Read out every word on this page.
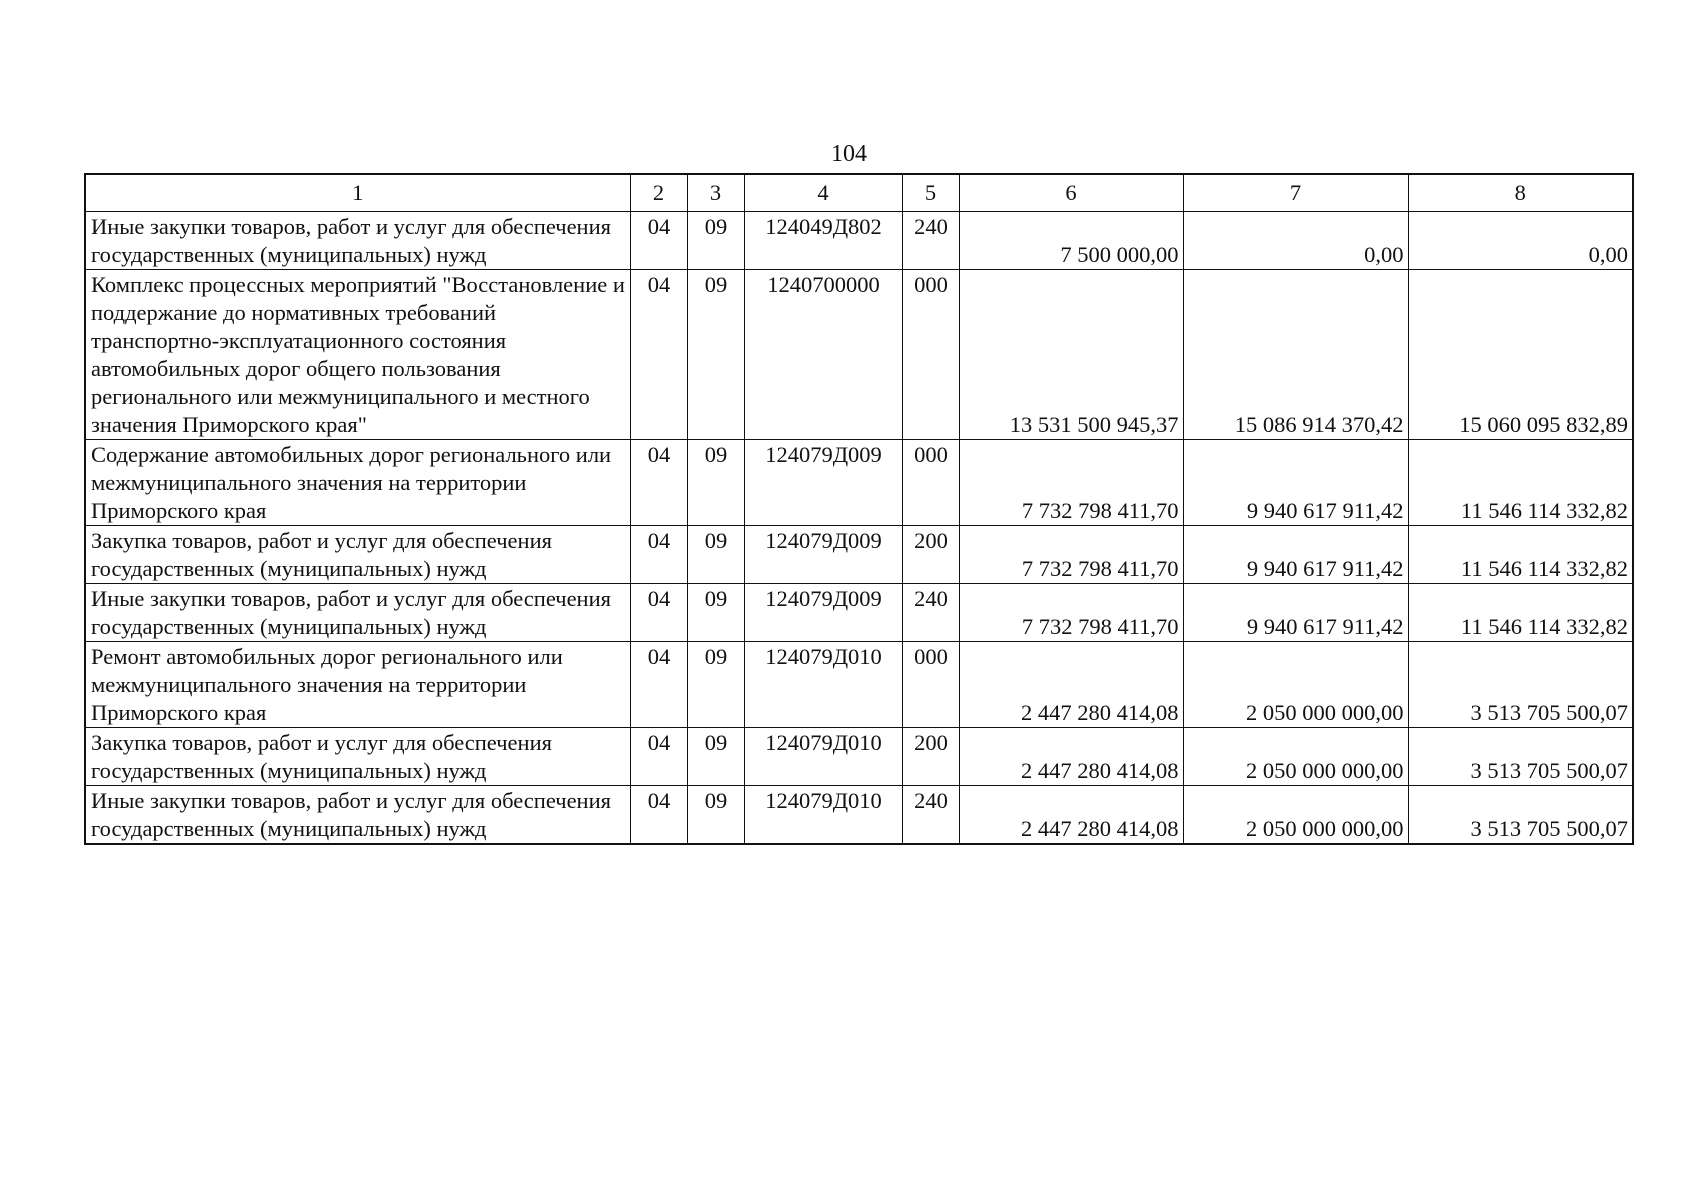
104
1	2	3	4	5	6	7	8
Иные закупки товаров, работ и услуг для обеспечения государственных (муниципальных) нужд	04	09	124049Д802	240	7 500 000,00	0,00	0,00
Комплекс процессных мероприятий "Восстановление и поддержание до нормативных требований транспортно-эксплуатационного состояния автомобильных дорог общего пользования регионального или межмуниципального и местного значения Приморского края"	04	09	1240700000	000	13 531 500 945,37	15 086 914 370,42	15 060 095 832,89
Содержание автомобильных дорог регионального или межмуниципального значения на территории Приморского края	04	09	124079Д009	000	7 732 798 411,70	9 940 617 911,42	11 546 114 332,82
Закупка товаров, работ и услуг для обеспечения государственных (муниципальных) нужд	04	09	124079Д009	200	7 732 798 411,70	9 940 617 911,42	11 546 114 332,82
Иные закупки товаров, работ и услуг для обеспечения государственных (муниципальных) нужд	04	09	124079Д009	240	7 732 798 411,70	9 940 617 911,42	11 546 114 332,82
Ремонт автомобильных дорог регионального или межмуниципального значения на территории Приморского края	04	09	124079Д010	000	2 447 280 414,08	2 050 000 000,00	3 513 705 500,07
Закупка товаров, работ и услуг для обеспечения государственных (муниципальных) нужд	04	09	124079Д010	200	2 447 280 414,08	2 050 000 000,00	3 513 705 500,07
Иные закупки товаров, работ и услуг для обеспечения государственных (муниципальных) нужд	04	09	124079Д010	240	2 447 280 414,08	2 050 000 000,00	3 513 705 500,07
